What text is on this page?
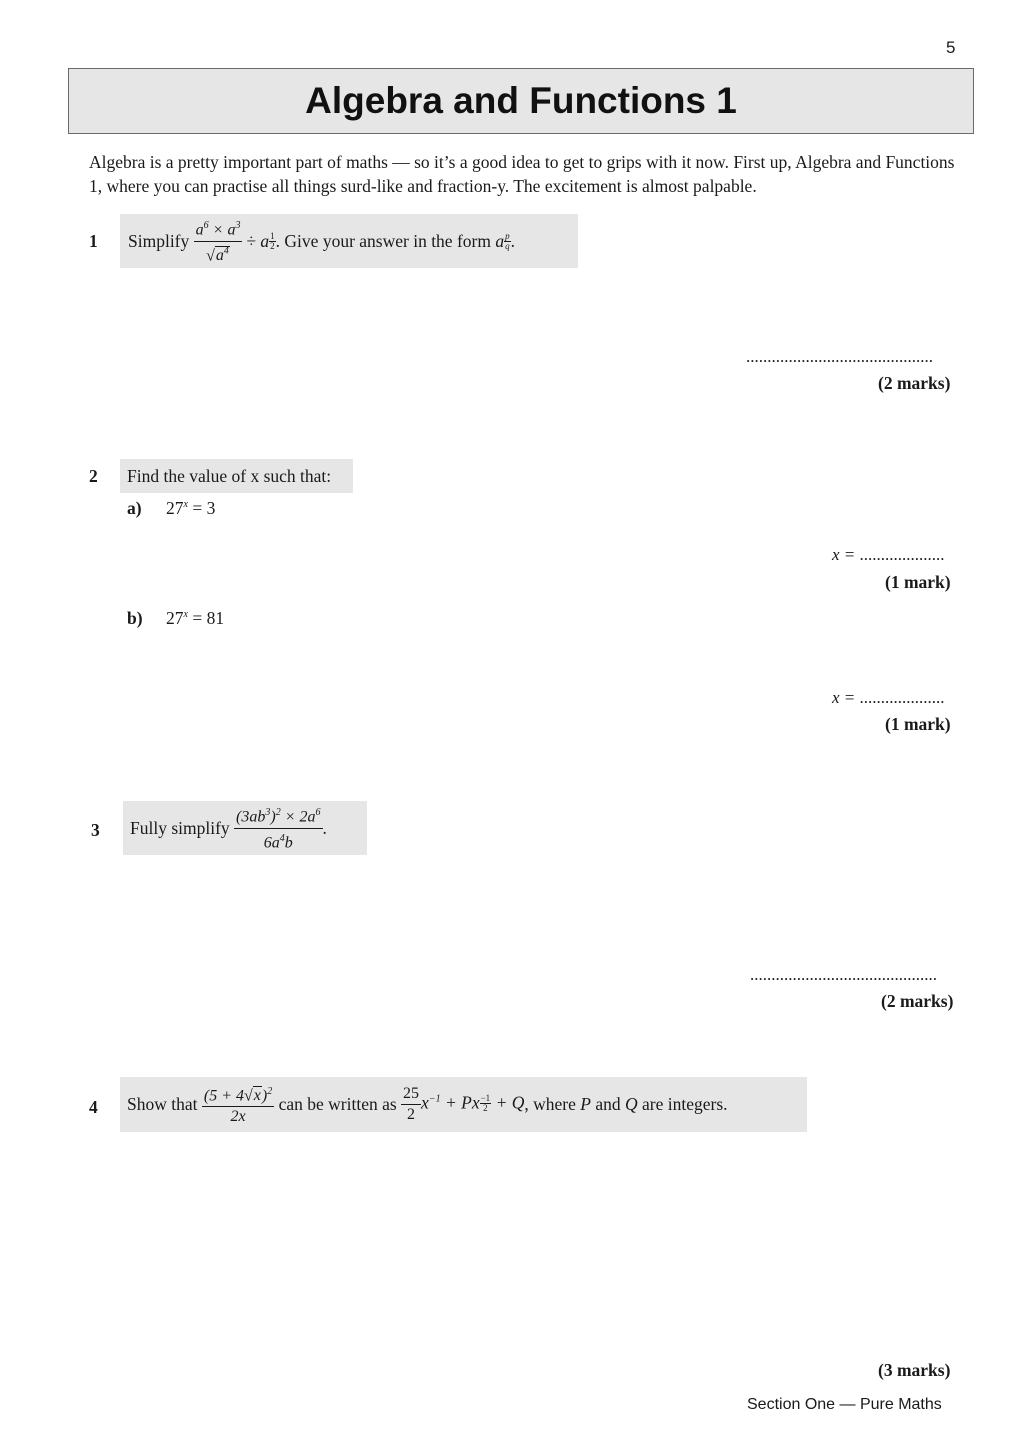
5
Algebra and Functions 1
Algebra is a pretty important part of maths — so it’s a good idea to get to grips with it now. First up, Algebra and Functions 1, where you can practise all things surd-like and fraction-y. The excitement is almost palpable.
1 Simplify
$\frac{a^6 \times a^3}{√a^4} \div a \frac{1}{2}$ . Give your answer in the form
a $\frac{p}{q}$ .
............................................
(2 marks)
2	Find the value of x such that:
a) $27^x = 3$
x = ....................
(1 mark)
b) $27^x = 81$
x = ....................
(1 mark)
3 Fully simplify
$\frac{(3ab^3)^2 \times 2a^6}{6a^4b}$ .
............................................
(2 marks)
4 Show that
$\frac{(5 + 4√x)^2}{2x}$
can be written as
$\frac{25}{2} x^{-1} + Px \frac{-1}{2} + Q$ , where
P
and
Q
are integers.
(3 marks)
Section One — Pure Maths
